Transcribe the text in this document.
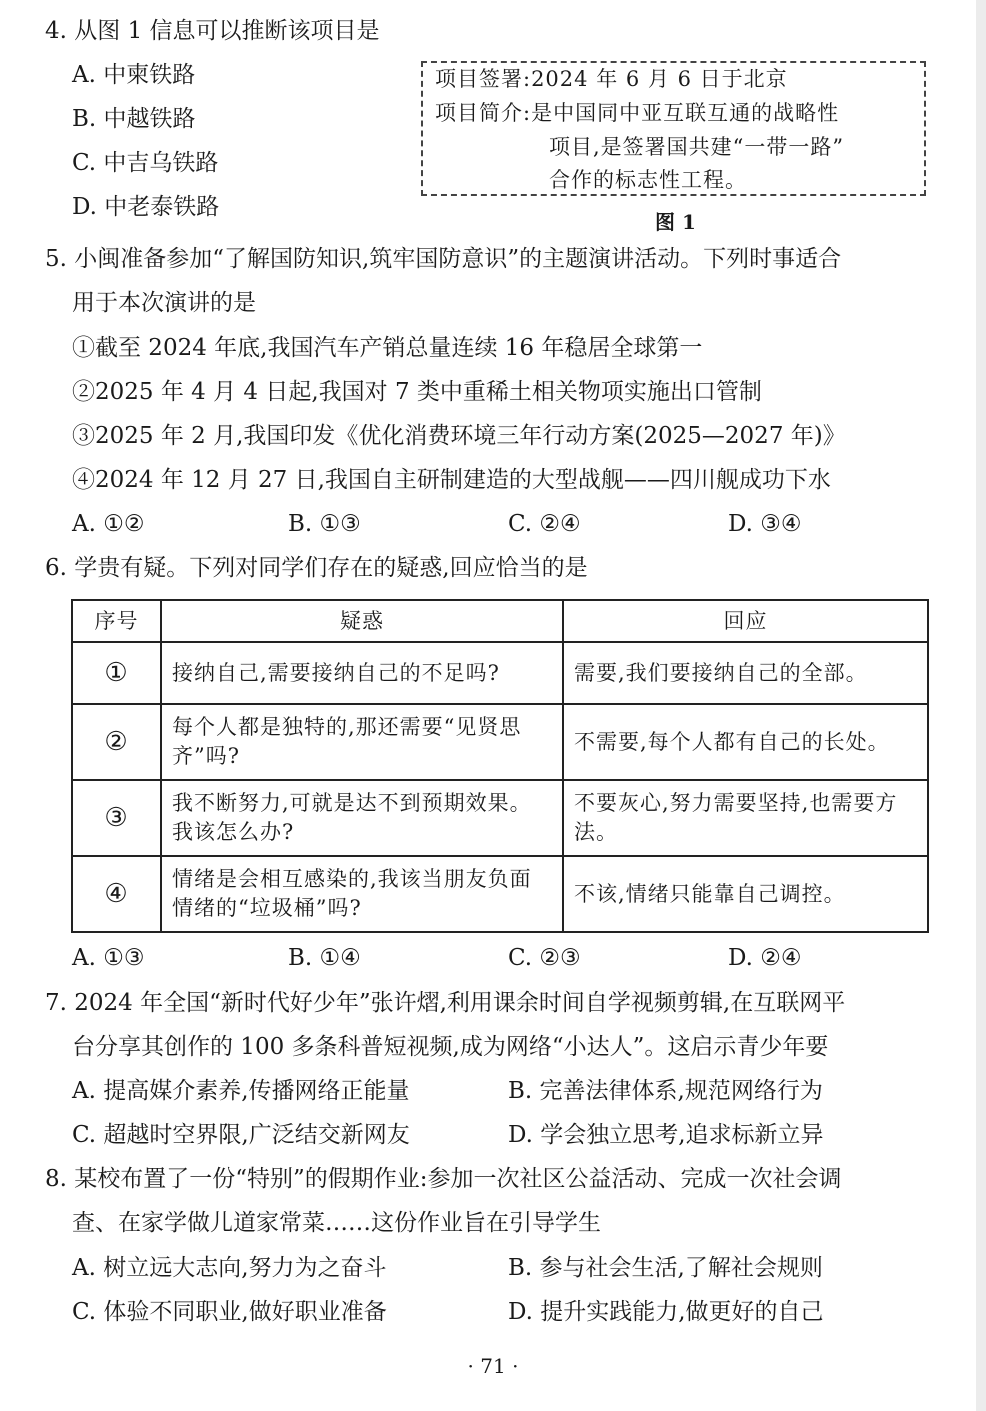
4. 从图 1 信息可以推断该项目是
A. 中柬铁路
B. 中越铁路
C. 中吉乌铁路
D. 中老泰铁路
项目签署:2024 年 6 月 6 日于北京
项目简介:是中国同中亚互联互通的战略性
项目,是签署国共建“一带一路”
合作的标志性工程。
图 1
5. 小闽准备参加“了解国防知识,筑牢国防意识”的主题演讲活动。下列时事适合
用于本次演讲的是
①截至 2024 年底,我国汽车产销总量连续 16 年稳居全球第一
②2025 年 4 月 4 日起,我国对 7 类中重稀土相关物项实施出口管制
③2025 年 2 月,我国印发《优化消费环境三年行动方案(2025—2027 年)》
④2024 年 12 月 27 日,我国自主研制建造的大型战舰——四川舰成功下水
A. ①②	B. ①③	C. ②④	D. ③④
6. 学贵有疑。下列对同学们存在的疑惑,回应恰当的是
序号	疑惑	回应
①	接纳自己,需要接纳自己的不足吗?	需要,我们要接纳自己的全部。
②	每个人都是独特的,那还需要“见贤思齐”吗?	不需要,每个人都有自己的长处。
③	我不断努力,可就是达不到预期效果。我该怎么办?	不要灰心,努力需要坚持,也需要方法。
④	情绪是会相互感染的,我该当朋友负面情绪的“垃圾桶”吗?	不该,情绪只能靠自己调控。
A. ①③	B. ①④	C. ②③	D. ②④
7. 2024 年全国“新时代好少年”张许熠,利用课余时间自学视频剪辑,在互联网平
台分享其创作的 100 多条科普短视频,成为网络“小达人”。这启示青少年要
A. 提高媒介素养,传播网络正能量	B. 完善法律体系,规范网络行为
C. 超越时空界限,广泛结交新网友	D. 学会独立思考,追求标新立异
8. 某校布置了一份“特别”的假期作业:参加一次社区公益活动、完成一次社会调
查、在家学做儿道家常菜……这份作业旨在引导学生
A. 树立远大志向,努力为之奋斗	B. 参与社会生活,了解社会规则
C. 体验不同职业,做好职业准备	D. 提升实践能力,做更好的自己
· 71 ·
